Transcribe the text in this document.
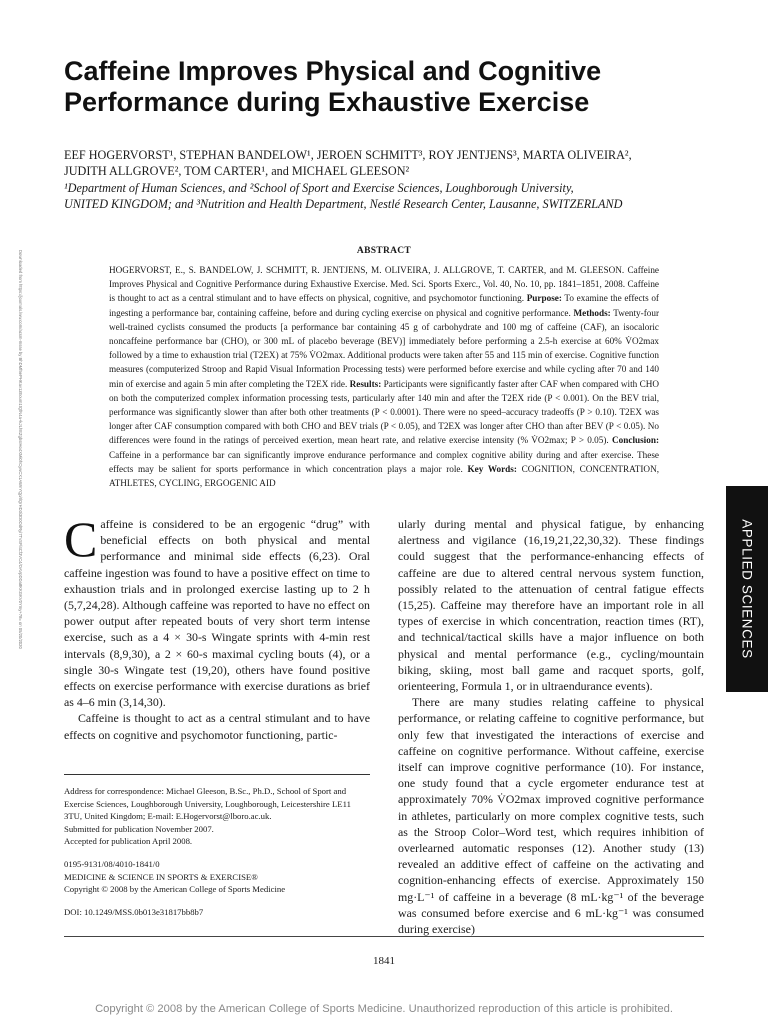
Caffeine Improves Physical and Cognitive
Performance during Exhaustive Exercise
EEF HOGERVORST¹, STEPHAN BANDELOW¹, JEROEN SCHMITT³, ROY JENTJENS³, MARTA OLIVEIRA²,
JUDITH ALLGROVE², TOM CARTER¹, and MICHAEL GLEESON²
¹Department of Human Sciences, and ²School of Sport and Exercise Sciences, Loughborough University,
UNITED KINGDOM; and ³Nutrition and Health Department, Nestlé Research Center, Lausanne, SWITZERLAND
ABSTRACT
HOGERVORST, E., S. BANDELOW, J. SCHMITT, R. JENTJENS, M. OLIVEIRA, J. ALLGROVE, T. CARTER, and M. GLEESON. Caffeine Improves Physical and Cognitive Performance during Exhaustive Exercise. Med. Sci. Sports Exerc., Vol. 40, No. 10, pp. 1841–1851, 2008. Caffeine is thought to act as a central stimulant and to have effects on physical, cognitive, and psychomotor functioning. Purpose: To examine the effects of ingesting a performance bar, containing caffeine, before and during cycling exercise on physical and cognitive performance. Methods: Twenty-four well-trained cyclists consumed the products [a performance bar containing 45 g of carbohydrate and 100 mg of caffeine (CAF), an isocaloric noncaffeine performance bar (CHO), or 300 mL of placebo beverage (BEV)] immediately before performing a 2.5-h exercise at 60% V̇O2max followed by a time to exhaustion trial (T2EX) at 75% V̇O2max. Additional products were taken after 55 and 115 min of exercise. Cognitive function measures (computerized Stroop and Rapid Visual Information Processing tests) were performed before exercise and while cycling after 70 and 140 min of exercise and again 5 min after completing the T2EX ride. Results: Participants were significantly faster after CAF when compared with CHO on both the computerized complex information processing tests, particularly after 140 min and after the T2EX ride (P < 0.001). On the BEV trial, performance was significantly slower than after both other treatments (P < 0.0001). There were no speed–accuracy tradeoffs (P > 0.10). T2EX was longer after CAF consumption compared with both CHO and BEV trials (P < 0.05), and T2EX was longer after CHO than after BEV (P < 0.05). No differences were found in the ratings of perceived exertion, mean heart rate, and relative exercise intensity (% V̇O2max; P > 0.05). Conclusion: Caffeine in a performance bar can significantly improve endurance performance and complex cognitive ability during and after exercise. These effects may be salient for sports performance in which concentration plays a major role. Key Words: COGNITION, CONCENTRATION, ATHLETES, CYCLING, ERGOGENIC AID
Downloaded from https://journals.lww.com/acsm-msse by BhDMf5ePHKav1zEoum1tQfN4a+kJLhEZgbsIHo4XMi0hCywCX1AWnYQp/IlQrHD3i3D0OdRyi7TvSFl4Cf3VC4/OAVpDDa8KKGKV0Ymy+78= on 05/20/2020	APPLIED SCIENCES

Caffeine is considered to be an ergogenic “drug” with beneficial effects on both physical and mental performance and minimal side effects (6,23). Oral caffeine ingestion was found to have a positive effect on time to exhaustion trials and in prolonged exercise lasting up to 2 h (5,7,24,28). Although caffeine was reported to have no effect on power output after repeated bouts of very short term intense exercise, such as a 4 × 30-s Wingate sprints with 4-min rest intervals (8,9,30), a 2 × 60-s maximal cycling bouts (4), or a single 30-s Wingate test (19,20), others have found positive effects on exercise performance with exercise durations as brief as 4–6 min (3,14,30).

Caffeine is thought to act as a central stimulant and to have effects on cognitive and psychomotor functioning, partic-

ularly during mental and physical fatigue, by enhancing alertness and vigilance (16,19,21,22,30,32). These findings could suggest that the performance-enhancing effects of caffeine are due to altered central nervous system function, possibly related to the attenuation of central fatigue effects (15,25). Caffeine may therefore have an important role in all types of exercise in which concentration, reaction times (RT), and technical/tactical skills have a major influence on both physical and mental performance (e.g., cycling/mountain biking, skiing, most ball game and racquet sports, golf, orienteering, Formula 1, or in ultraendurance events).

There are many studies relating caffeine to physical performance, or relating caffeine to cognitive performance, but only few that investigated the interactions of exercise and caffeine on cognitive performance. Without caffeine, exercise itself can improve cognitive performance (10). For instance, one study found that a cycle ergometer endurance test at approximately 70% V̇O2max improved cognitive performance in athletes, particularly on more complex cognitive tests, such as the Stroop Color–Word test, which requires inhibition of overlearned automatic responses (12). Another study (13) revealed an additive effect of caffeine on the activating and cognition-enhancing effects of exercise. Approximately 150 mg·L⁻¹ of caffeine in a beverage (8 mL·kg⁻¹ of the beverage was consumed before exercise and 6 mL·kg⁻¹ was consumed during exercise)

Address for correspondence: Michael Gleeson, B.Sc., Ph.D., School of Sport and Exercise Sciences, Loughborough University, Loughborough, Leicestershire LE11 3TU, United Kingdom; E-mail: E.Hogervorst@lboro.ac.uk.
Submitted for publication November 2007.
Accepted for publication April 2008.
0195-9131/08/4010-1841/0
MEDICINE & SCIENCE IN SPORTS & EXERCISE®
Copyright © 2008 by the American College of Sports Medicine
DOI: 10.1249/MSS.0b013e31817bb8b7
1841
Copyright © 2008 by the American College of Sports Medicine. Unauthorized reproduction of this article is prohibited.
